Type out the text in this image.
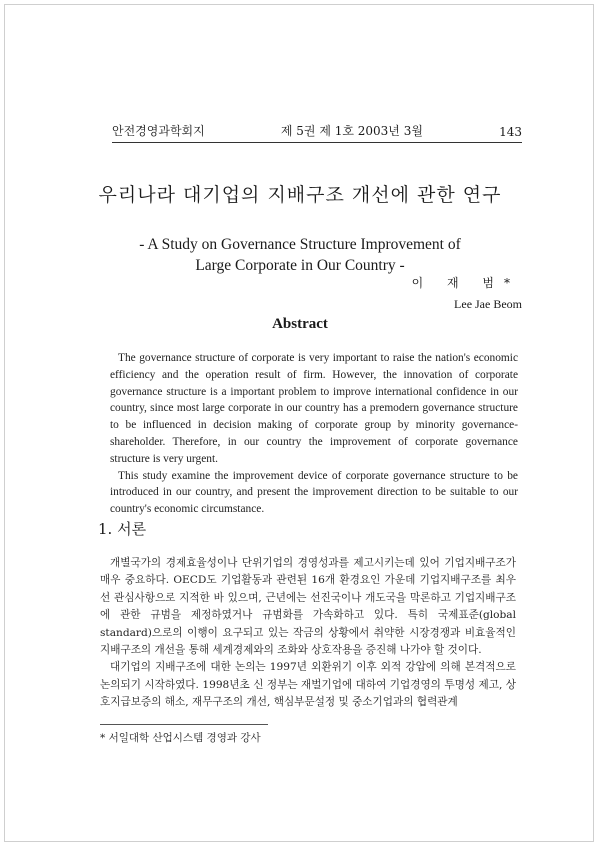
안전경영과학회지	제 5권 제 1호 2003년 3월	143
우리나라 대기업의 지배구조 개선에 관한 연구
- A Study on Governance Structure Improvement of
Large Corporate in Our Country -
이 재 범*
Lee Jae Beom
Abstract

The governance structure of corporate is very important to raise the nation's economic efficiency and the operation result of firm. However, the innovation of corporate governance structure is a important problem to improve international confidence in our country, since most large corporate in our country has a premodern governance structure to be influenced in decision making of corporate group by minority governance-shareholder. Therefore, in our country the improvement of corporate governance structure is very urgent.

This study examine the improvement device of corporate governance structure to be introduced in our country, and present the improvement direction to be suitable to our country's economic circumstance.

1. 서론

개별국가의 경제효율성이나 단위기업의 경영성과를 제고시키는데 있어 기업지배구조가 매우 중요하다. OECD도 기업활동과 관련된 16개 환경요인 가운데 기업지배구조를 최우선 관심사항으로 지적한 바 있으며, 근년에는 선진국이나 개도국을 막론하고 기업지배구조에 관한 규범을 제정하였거나 규범화를 가속화하고 있다. 특히 국제표준(global standard)으로의 이행이 요구되고 있는 작금의 상황에서 취약한 시장경쟁과 비효율적인 지배구조의 개선을 통해 세계경제와의 조화와 상호작용을 증진해 나가야 할 것이다.

대기업의 지배구조에 대한 논의는 1997년 외환위기 이후 외적 강압에 의해 본격적으로 논의되기 시작하였다. 1998년초 신 정부는 재벌기업에 대하여 기업경영의 투명성 제고, 상호지급보증의 해소, 재무구조의 개선, 핵심부문설정 및 중소기업과의 협력관계

* 서일대학 산업시스템 경영과 강사
